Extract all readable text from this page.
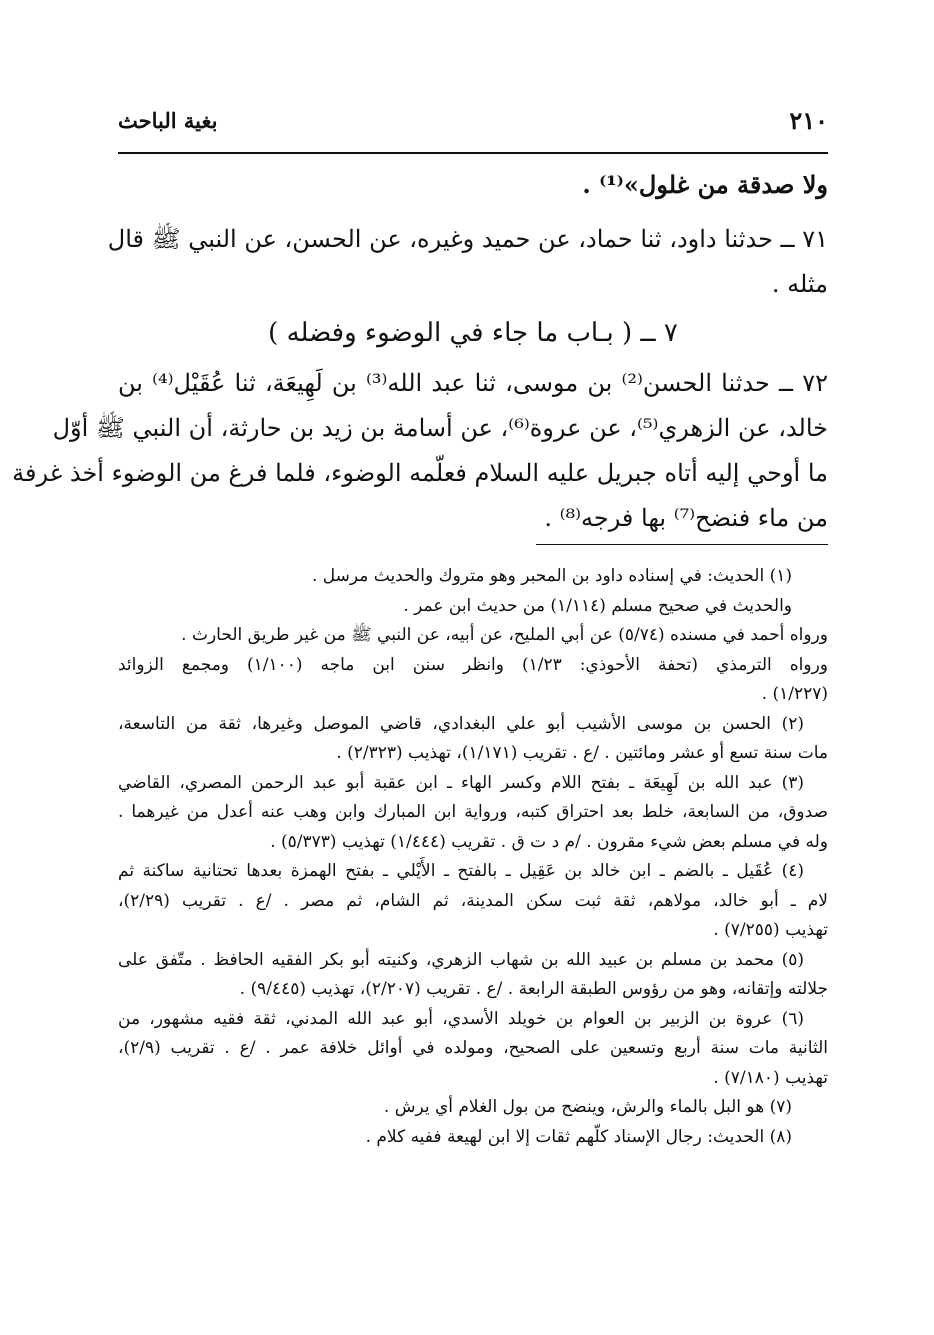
٢١٠
بغية الباحث
ولا صدقة من غلول»⁽¹⁾ .
٧١ ــ حدثنا داود، ثنا حماد، عن حميد وغيره، عن الحسن، عن النبي ﷺ قال
مثله .
٧ ــ ( بـاب ما جاء في الوضوء وفضله )
٧٢ ــ حدثنا الحسن⁽²⁾ بن موسى، ثنا عبد الله⁽³⁾ بن لَهِيعَة، ثنا عُقَيْل⁽⁴⁾ بن
خالد، عن الزهري⁽⁵⁾، عن عروة⁽⁶⁾، عن أسامة بن زيد بن حارثة، أن النبي ﷺ أوّل
ما أوحي إليه أتاه جبريل عليه السلام فعلّمه الوضوء، فلما فرغ من الوضوء أخذ غرفة
من ماء فنضح⁽⁷⁾ بها فرجه⁽⁸⁾ .
(١) الحديث: في إسناده داود بن المحبر وهو متروك والحديث مرسل .
والحديث في صحيح مسلم (١/١١٤) من حديث ابن عمر .
ورواه أحمد في مسنده (٥/٧٤) عن أبي المليح، عن أبيه، عن النبي ﷺ من غير طريق الحارث .
ورواه الترمذي (تحفة الأحوذي: ١/٢٣) وانظر سنن ابن ماجه (١/١٠٠) ومجمع الزوائد
(١/٢٢٧) .
(٢) الحسن بن موسى الأشيب أبو علي البغدادي، قاضي الموصل وغيرها، ثقة من التاسعة،
مات سنة تسع أو عشر ومائتين . /ع . تقريب (١/١٧١)، تهذيب (٢/٣٢٣) .
(٣) عبد الله بن لَهِيعَة ـ بفتح اللام وكسر الهاء ـ ابن عقبة أبو عبد الرحمن المصري، القاضي
صدوق، من السابعة، خلط بعد احتراق كتبه، ورواية ابن المبارك وابن وهب عنه أعدل من غيرهما .
وله في مسلم بعض شيء مقرون . /م د ت ق . تقريب (١/٤٤٤) تهذيب (٥/٣٧٣) .
(٤) عُقَيل ـ بالضم ـ ابن خالد بن عَقِيل ـ بالفتح ـ الأَيْلي ـ بفتح الهمزة بعدها تحتانية ساكنة ثم
لام ـ أبو خالد، مولاهم، ثقة ثبت سكن المدينة، ثم الشام، ثم مصر . /ع . تقريب (٢/٢٩)،
تهذيب (٧/٢٥٥) .
(٥) محمد بن مسلم بن عبيد الله بن شهاب الزهري، وكنيته أبو بكر الفقيه الحافظ . متّفق على
جلالته وإتقانه، وهو من رؤوس الطبقة الرابعة . /ع . تقريب (٢/٢٠٧)، تهذيب (٩/٤٤٥) .
(٦) عروة بن الزبير بن العوام بن خويلد الأسدي، أبو عبد الله المدني، ثقة فقيه مشهور، من
الثانية مات سنة أربع وتسعين على الصحيح، ومولده في أوائل خلافة عمر . /ع . تقريب (٢/٩)،
تهذيب (٧/١٨٠) .
(٧) هو البل بالماء والرش، وينضح من بول الغلام أي يرش .
(٨) الحديث: رجال الإسناد كلّهم ثقات إلا ابن لهيعة ففيه كلام .
